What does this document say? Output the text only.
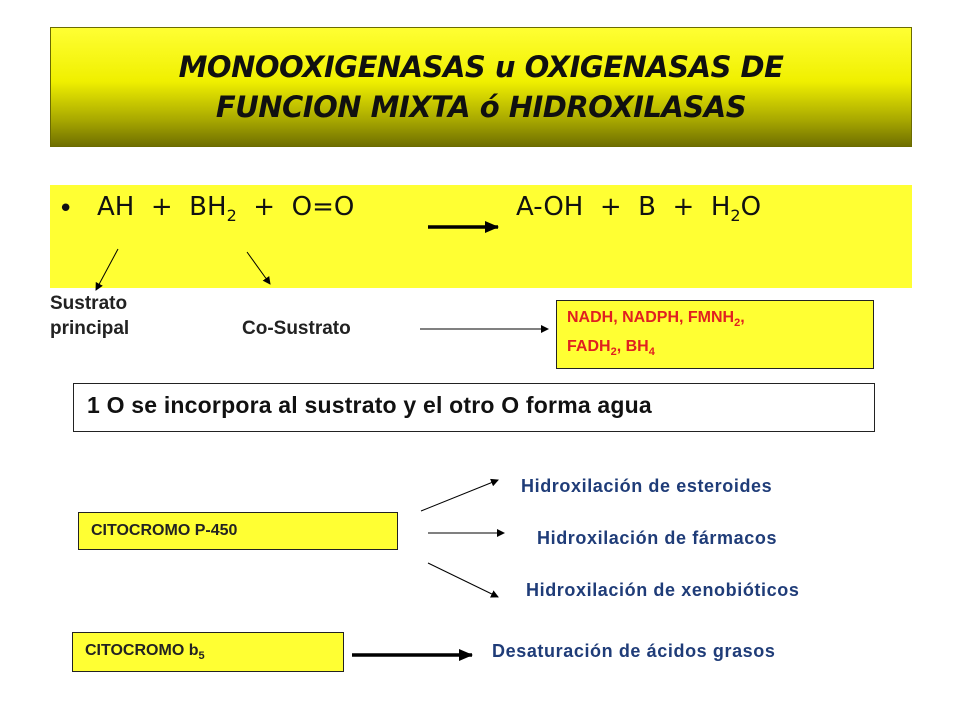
MONOOXIGENASAS u OXIGENASAS DE
FUNCION MIXTA ó HIDROXILASAS
• AH  +  $BH_2 + O=O$	$A-OH + B + H_2O$
Sustrato
principal	Co-Sustrato
NADH, NADPH, $FMNH_2$,
$FADH_2$, $BH_4$
1 O se incorpora al sustrato y el otro O forma agua
CITOCROMO P-450
Hidroxilación de esteroides
Hidroxilación de fármacos
Hidroxilación de xenobióticos
CITOCROMO $b_5$	Desaturación de ácidos grasos
